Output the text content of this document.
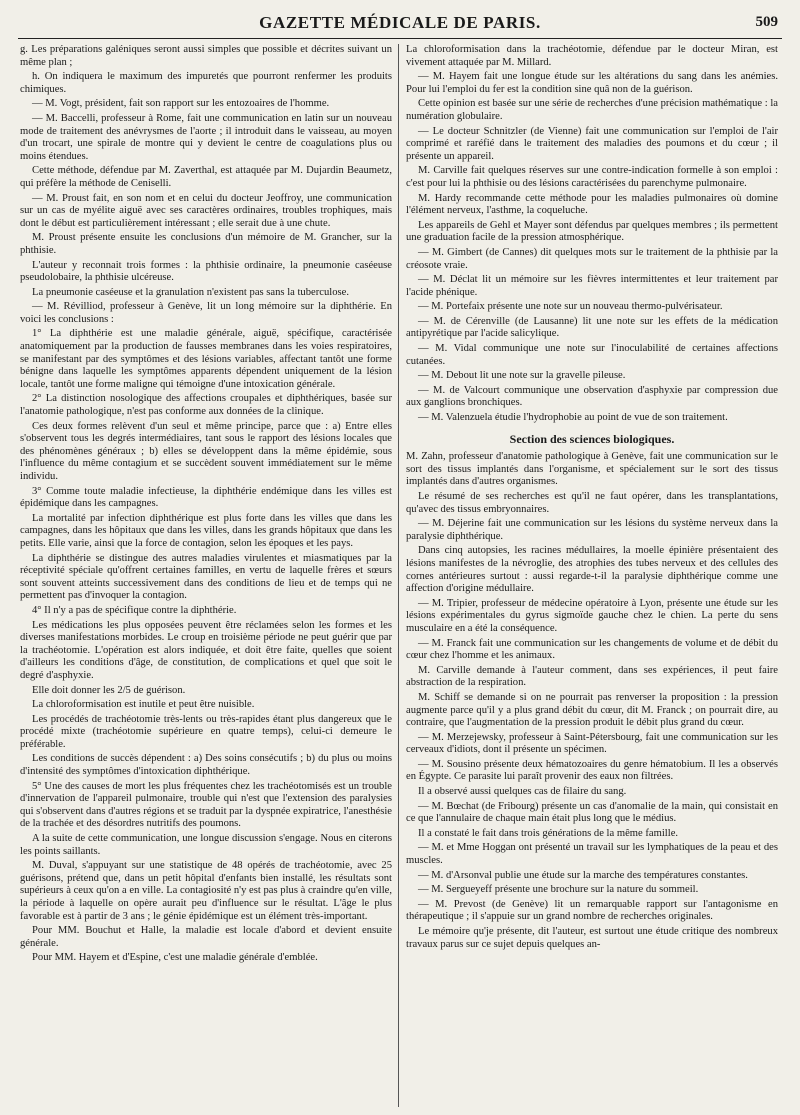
GAZETTE MÉDICALE DE PARIS.	509

g. Les préparations galéniques seront aussi simples que possible et décrites suivant un même plan ;

h. On indiquera le maximum des impuretés que pourront renfermer les produits chimiques.

— M. Vogt, président, fait son rapport sur les entozoaires de l'homme.

— M. Baccelli, professeur à Rome, fait une communication en latin sur un nouveau mode de traitement des anévrysmes de l'aorte ; il introduit dans le vaisseau, au moyen d'un trocart, une spirale de montre qui y devient le centre de coagulations plus ou moins étendues.

Cette méthode, défendue par M. Zaverthal, est attaquée par M. Dujardin Beaumetz, qui préfère la méthode de Ceniselli.

— M. Proust fait, en son nom et en celui du docteur Jeoffroy, une communication sur un cas de myélite aiguë avec ses caractères ordinaires, troubles trophiques, mais dont le début est particulièrement intéressant ; elle serait due à une chute.

M. Proust présente ensuite les conclusions d'un mémoire de M. Grancher, sur la phthisie.

L'auteur y reconnait trois formes : la phthisie ordinaire, la pneumonie caséeuse pseudolobaire, la phthisie ulcéreuse.

La pneumonie caséeuse et la granulation n'existent pas sans la tuberculose.

— M. Révilliod, professeur à Genève, lit un long mémoire sur la diphthérie. En voici les conclusions :

1° La diphthérie est une maladie générale, aiguë, spécifique, caractérisée anatomiquement par la production de fausses membranes dans les voies respiratoires, se manifestant par des symptômes et des lésions variables, affectant tantôt une forme bénigne dans laquelle les symptômes apparents dépendent uniquement de la lésion locale, tantôt une forme maligne qui témoigne d'une intoxication générale.

2° La distinction nosologique des affections croupales et diphthériques, basée sur l'anatomie pathologique, n'est pas conforme aux données de la clinique.

Ces deux formes relèvent d'un seul et même principe, parce que : a) Entre elles s'observent tous les degrés intermédiaires, tant sous le rapport des lésions locales que des phénomènes généraux ; b) elles se développent dans la même épidémie, sous l'influence du même contagium et se succèdent souvent immédiatement sur le même individu.

3° Comme toute maladie infectieuse, la diphthérie endémique dans les villes est épidémique dans les campagnes.

La mortalité par infection diphthérique est plus forte dans les villes que dans les campagnes, dans les hôpitaux que dans les villes, dans les grands hôpitaux que dans les petits. Elle varie, ainsi que la force de contagion, selon les époques et les pays.

La diphthérie se distingue des autres maladies virulentes et miasmatiques par la réceptivité spéciale qu'offrent certaines familles, en vertu de laquelle frères et sœurs sont souvent atteints successivement dans des conditions de lieu et de temps qui ne permettent pas d'invoquer la contagion.

4° Il n'y a pas de spécifique contre la diphthérie.

Les médications les plus opposées peuvent être réclamées selon les formes et les diverses manifestations morbides. Le croup en troisième période ne peut guérir que par la trachéotomie. L'opération est alors indiquée, et doit être faite, quelles que soient d'ailleurs les conditions d'âge, de constitution, de complications et quel que soit le degré d'asphyxie.

Elle doit donner les 2/5 de guérison.

La chloroformisation est inutile et peut être nuisible.

Les procédés de trachéotomie très-lents ou très-rapides étant plus dangereux que le procédé mixte (trachéotomie supérieure en quatre temps), celui-ci demeure le préférable.

Les conditions de succès dépendent : a) Des soins consécutifs ; b) du plus ou moins d'intensité des symptômes d'intoxication diphthérique.

5° Une des causes de mort les plus fréquentes chez les trachéotomisés est un trouble d'innervation de l'appareil pulmonaire, trouble qui n'est que l'extension des paralysies qui s'observent dans d'autres régions et se traduit par la dyspnée expiratrice, l'anesthésie de la trachée et des désordres nutritifs des poumons.

A la suite de cette communication, une longue discussion s'engage. Nous en citerons les points saillants.

M. Duval, s'appuyant sur une statistique de 48 opérés de trachéotomie, avec 25 guérisons, prétend que, dans un petit hôpital d'enfants bien installé, les résultats sont supérieurs à ceux qu'on a en ville. La contagiosité n'y est pas plus à craindre qu'en ville, la période à laquelle on opère aurait peu d'influence sur le résultat. L'âge le plus favorable est à partir de 3 ans ; le génie épidémique est un élément très-important.

Pour MM. Bouchut et Halle, la maladie est locale d'abord et devient ensuite générale.

Pour MM. Hayem et d'Espine, c'est une maladie générale d'emblée.

La chloroformisation dans la trachéotomie, défendue par le docteur Miran, est vivement attaquée par M. Millard.

— M. Hayem fait une longue étude sur les altérations du sang dans les anémies. Pour lui l'emploi du fer est la condition sine quâ non de la guérison.

Cette opinion est basée sur une série de recherches d'une précision mathématique : la numération globulaire.

— Le docteur Schnitzler (de Vienne) fait une communication sur l'emploi de l'air comprimé et raréfié dans le traitement des maladies des poumons et du cœur ; il présente un appareil.

M. Carville fait quelques réserves sur une contre-indication formelle à son emploi : c'est pour lui la phthisie ou des lésions caractérisées du parenchyme pulmonaire.

M. Hardy recommande cette méthode pour les maladies pulmonaires où domine l'élément nerveux, l'asthme, la coqueluche.

Les appareils de Gehl et Mayer sont défendus par quelques membres ; ils permettent une graduation facile de la pression atmosphérique.

— M. Gimbert (de Cannes) dit quelques mots sur le traitement de la phthisie par la créosote vraie.

— M. Déclat lit un mémoire sur les fièvres intermittentes et leur traitement par l'acide phénique.

— M. Portefaix présente une note sur un nouveau thermo-pulvérisateur.

— M. de Cérenville (de Lausanne) lit une note sur les effets de la médication antipyrétique par l'acide salicylique.

— M. Vidal communique une note sur l'inoculabilité de certaines affections cutanées.

— M. Debout lit une note sur la gravelle pileuse.

— M. de Valcourt communique une observation d'asphyxie par compression due aux ganglions bronchiques.

— M. Valenzuela étudie l'hydrophobie au point de vue de son traitement.

Section des sciences biologiques.

M. Zahn, professeur d'anatomie pathologique à Genève, fait une communication sur le sort des tissus implantés dans l'organisme, et spécialement sur le sort des tissus implantés dans d'autres organismes.

Le résumé de ses recherches est qu'il ne faut opérer, dans les transplantations, qu'avec des tissus embryonnaires.

— M. Déjerine fait une communication sur les lésions du système nerveux dans la paralysie diphthérique.

Dans cinq autopsies, les racines médullaires, la moelle épinière présentaient des lésions manifestes de la névroglie, des atrophies des tubes nerveux et des cellules des cornes antérieures surtout : aussi regarde-t-il la paralysie diphthérique comme une affection d'origine médullaire.

— M. Tripier, professeur de médecine opératoire à Lyon, présente une étude sur les lésions expérimentales du gyrus sigmoïde gauche chez le chien. La perte du sens musculaire en a été la conséquence.

— M. Franck fait une communication sur les changements de volume et de débit du cœur chez l'homme et les animaux.

M. Carville demande à l'auteur comment, dans ses expériences, il peut faire abstraction de la respiration.

M. Schiff se demande si on ne pourrait pas renverser la proposition : la pression augmente parce qu'il y a plus grand débit du cœur, dit M. Franck ; on pourrait dire, au contraire, que l'augmentation de la pression produit le débit plus grand du cœur.

— M. Merzejewsky, professeur à Saint-Pétersbourg, fait une communication sur les cerveaux d'idiots, dont il présente un spécimen.

— M. Sousino présente deux hématozoaires du genre hématobium. Il les a observés en Égypte. Ce parasite lui paraît provenir des eaux non filtrées.

Il a observé aussi quelques cas de filaire du sang.

— M. Bœchat (de Fribourg) présente un cas d'anomalie de la main, qui consistait en ce que l'annulaire de chaque main était plus long que le médius.

Il a constaté le fait dans trois générations de la même famille.

— M. et Mme Hoggan ont présenté un travail sur les lymphatiques de la peau et des muscles.

— M. d'Arsonval publie une étude sur la marche des températures constantes.

— M. Sergueyeff présente une brochure sur la nature du sommeil.

— M. Prevost (de Genève) lit un remarquable rapport sur l'antagonisme en thérapeutique ; il s'appuie sur un grand nombre de recherches originales.

Le mémoire qu'je présente, dit l'auteur, est surtout une étude critique des nombreux travaux parus sur ce sujet depuis quelques an-
